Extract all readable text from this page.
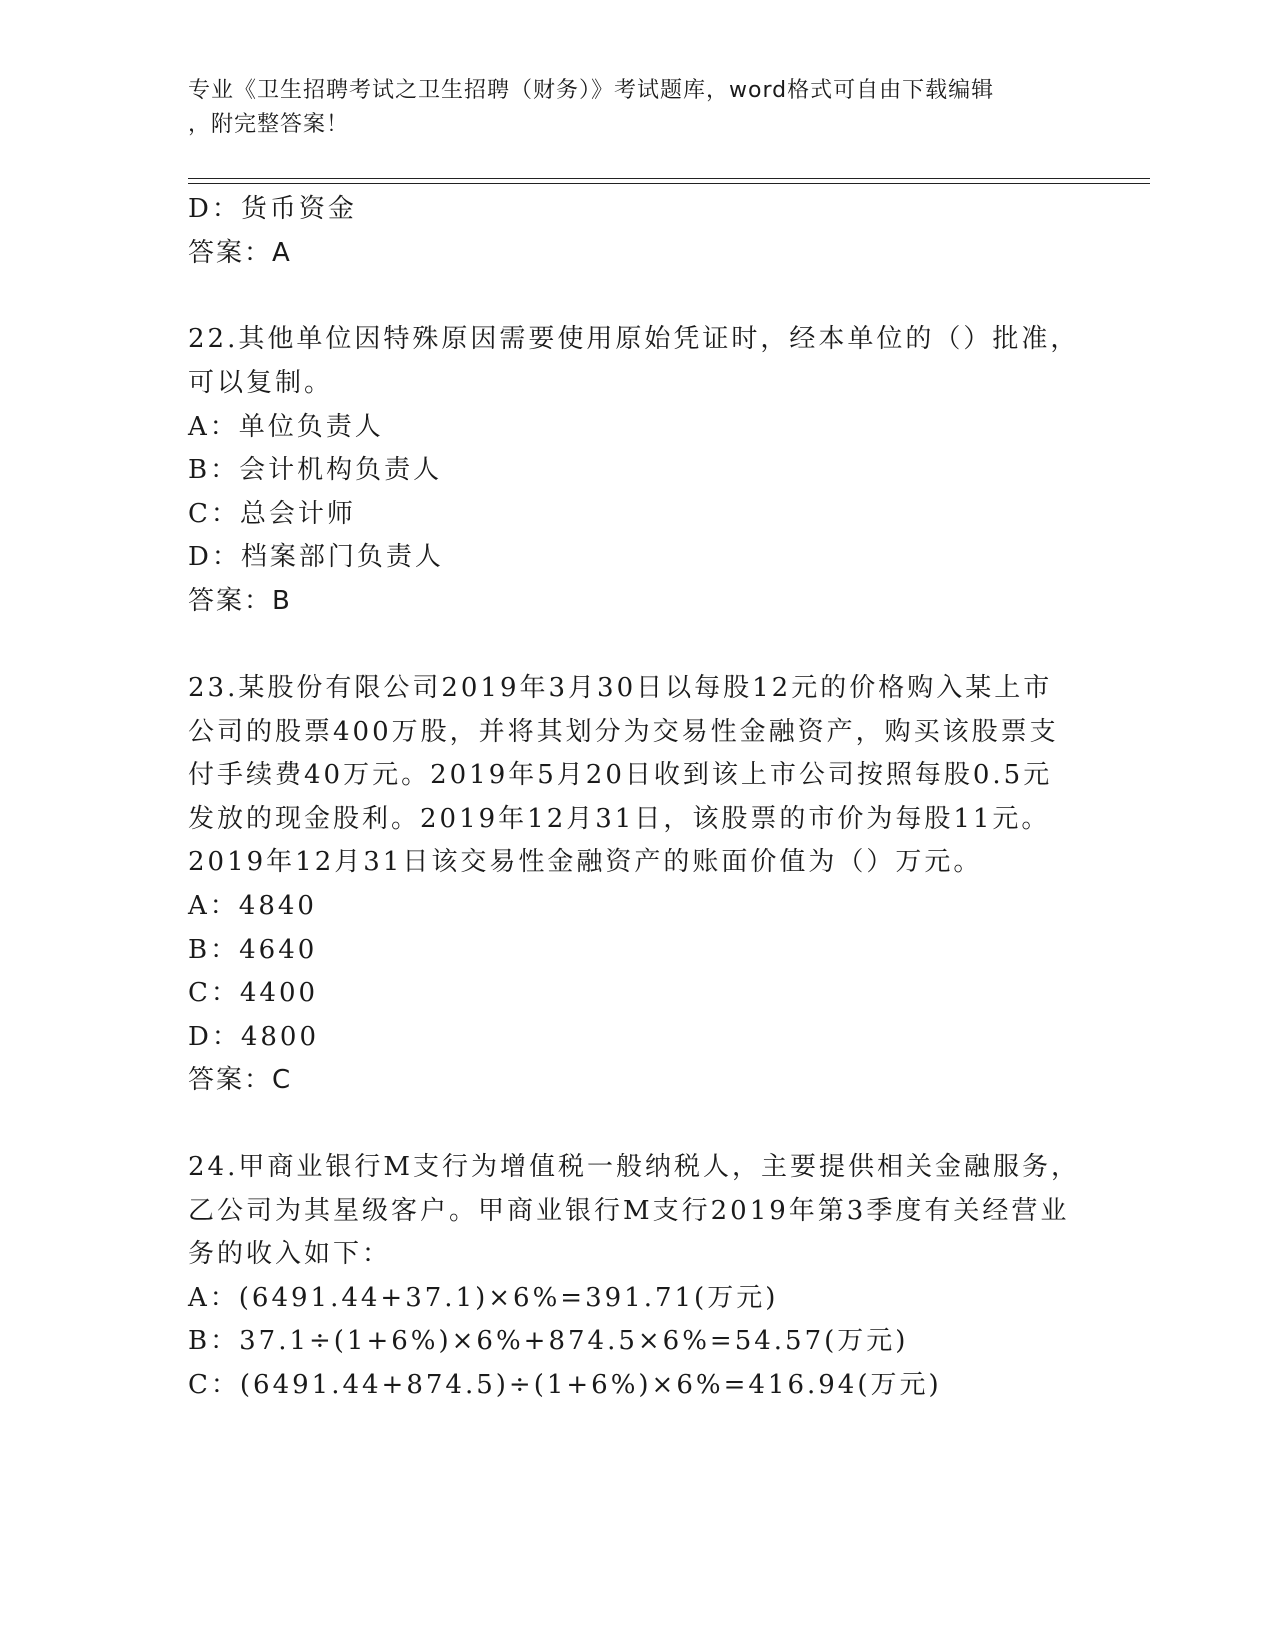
专业《卫生招聘考试之卫生招聘（财务）》考试题库，word格式可自由下载编辑
，附完整答案！
D：货币资金
答案：A
22.其他单位因特殊原因需要使用原始凭证时，经本单位的（）批准，
可以复制。
A：单位负责人
B：会计机构负责人
C：总会计师
D：档案部门负责人
答案：B
23.某股份有限公司2019年3月30日以每股12元的价格购入某上市
公司的股票400万股，并将其划分为交易性金融资产，购买该股票支
付手续费40万元。2019年5月20日收到该上市公司按照每股0.5元
发放的现金股利。2019年12月31日，该股票的市价为每股11元。
2019年12月31日该交易性金融资产的账面价值为（）万元。
A：4840
B：4640
C：4400
D：4800
答案：C
24.甲商业银行M支行为增值税一般纳税人，主要提供相关金融服务，
乙公司为其星级客户。甲商业银行M支行2019年第3季度有关经营业
务的收入如下：
A：(6491.44+37.1)×6%=391.71(万元)
B：37.1÷(1+6%)×6%+874.5×6%=54.57(万元)
C：(6491.44+874.5)÷(1+6%)×6%=416.94(万元)
